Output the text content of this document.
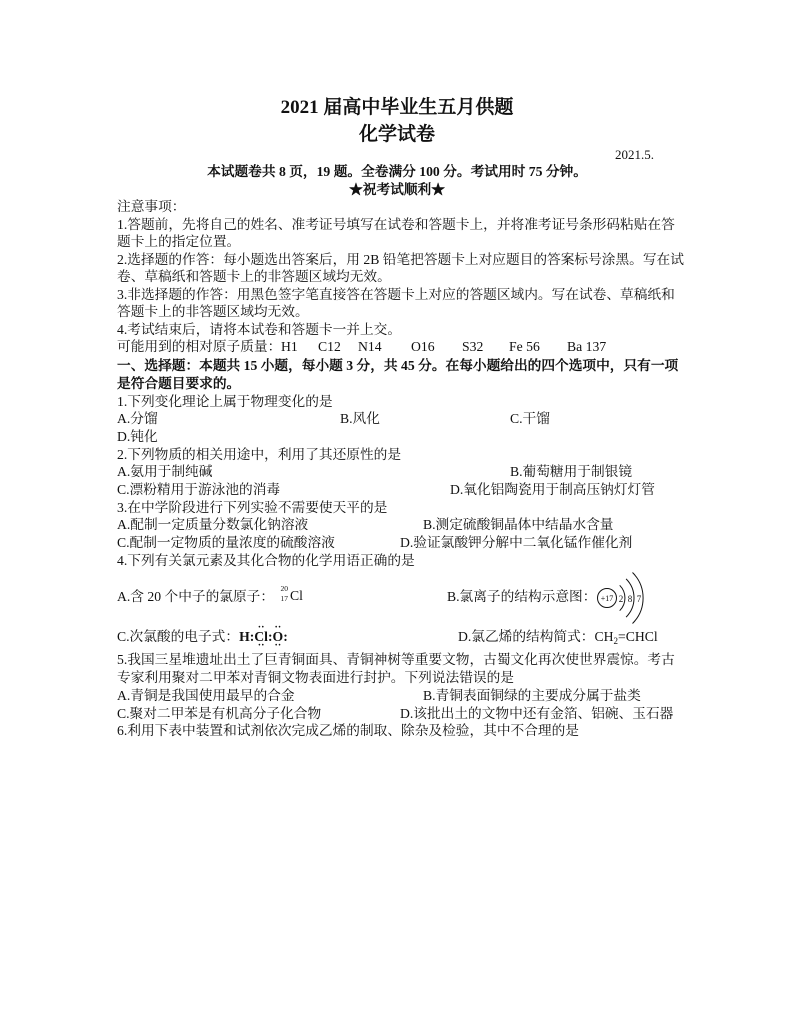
2021 届高中毕业生五月供题
化学试卷
2021.5.
本试题卷共 8 页，19 题。全卷满分 100 分。考试用时 75 分钟。
★祝考试顺利★
注意事项：
1.答题前，先将自己的姓名、准考证号填写在试卷和答题卡上，并将准考证号条形码粘贴在答
题卡上的指定位置。
2.选择题的作答：每小题选出答案后，用 2B 铅笔把答题卡上对应题目的答案标号涂黑。写在试
卷、草稿纸和答题卡上的非答题区域均无效。
3.非选择题的作答：用黑色签字笔直接答在答题卡上对应的答题区域内。写在试卷、草稿纸和
答题卡上的非答题区域均无效。
4.考试结束后，请将本试卷和答题卡一并上交。
可能用到的相对原子质量： H1 C12 N14 O16 S32 Fe 56 Ba 137
一、选择题：本题共 15 小题，每小题 3 分，共 45 分。在每小题给出的四个选项中，只有一项
是符合题目要求的。
1.下列变化理论上属于物理变化的是
A.分馏	B.风化	C.干馏
D.钝化
2.下列物质的相关用途中，利用了其还原性的是
A.氨用于制纯碱	B.葡萄糖用于制银镜
C.漂粉精用于游泳池的消毒	D.氧化铝陶瓷用于制高压钠灯灯管
3.在中学阶段进行下列实验不需要使天平的是
A.配制一定质量分数氯化钠溶液	B.测定硫酸铜晶体中结晶水含量
C.配制一定物质的量浓度的硫酸溶液	D.验证氯酸钾分解中二氧化锰作催化剂
4.下列有关氯元素及其化合物的化学用语正确的是
A.含 20 个中子的氯原子：
20
17 Cl	B.氯离子的结构示意图： +17 2 8 7
C.次氯酸的电子式：H:·· Cl ··:·· O ··:	D.氯乙烯的结构简式：$CH_2=CHCl$
5.我国三星堆遗址出土了巨青铜面具、青铜神树等重要文物，古蜀文化再次使世界震惊。考古
专家利用聚对二甲苯对青铜文物表面进行封护。下列说法错误的是
A.青铜是我国使用最早的合金	B.青铜表面铜绿的主要成分属于盐类
C.聚对二甲苯是有机高分子化合物	D.该批出土的文物中还有金箔、铝碗、玉石器
6.利用下表中装置和试剂依次完成乙烯的制取、除杂及检验，其中不合理的是
